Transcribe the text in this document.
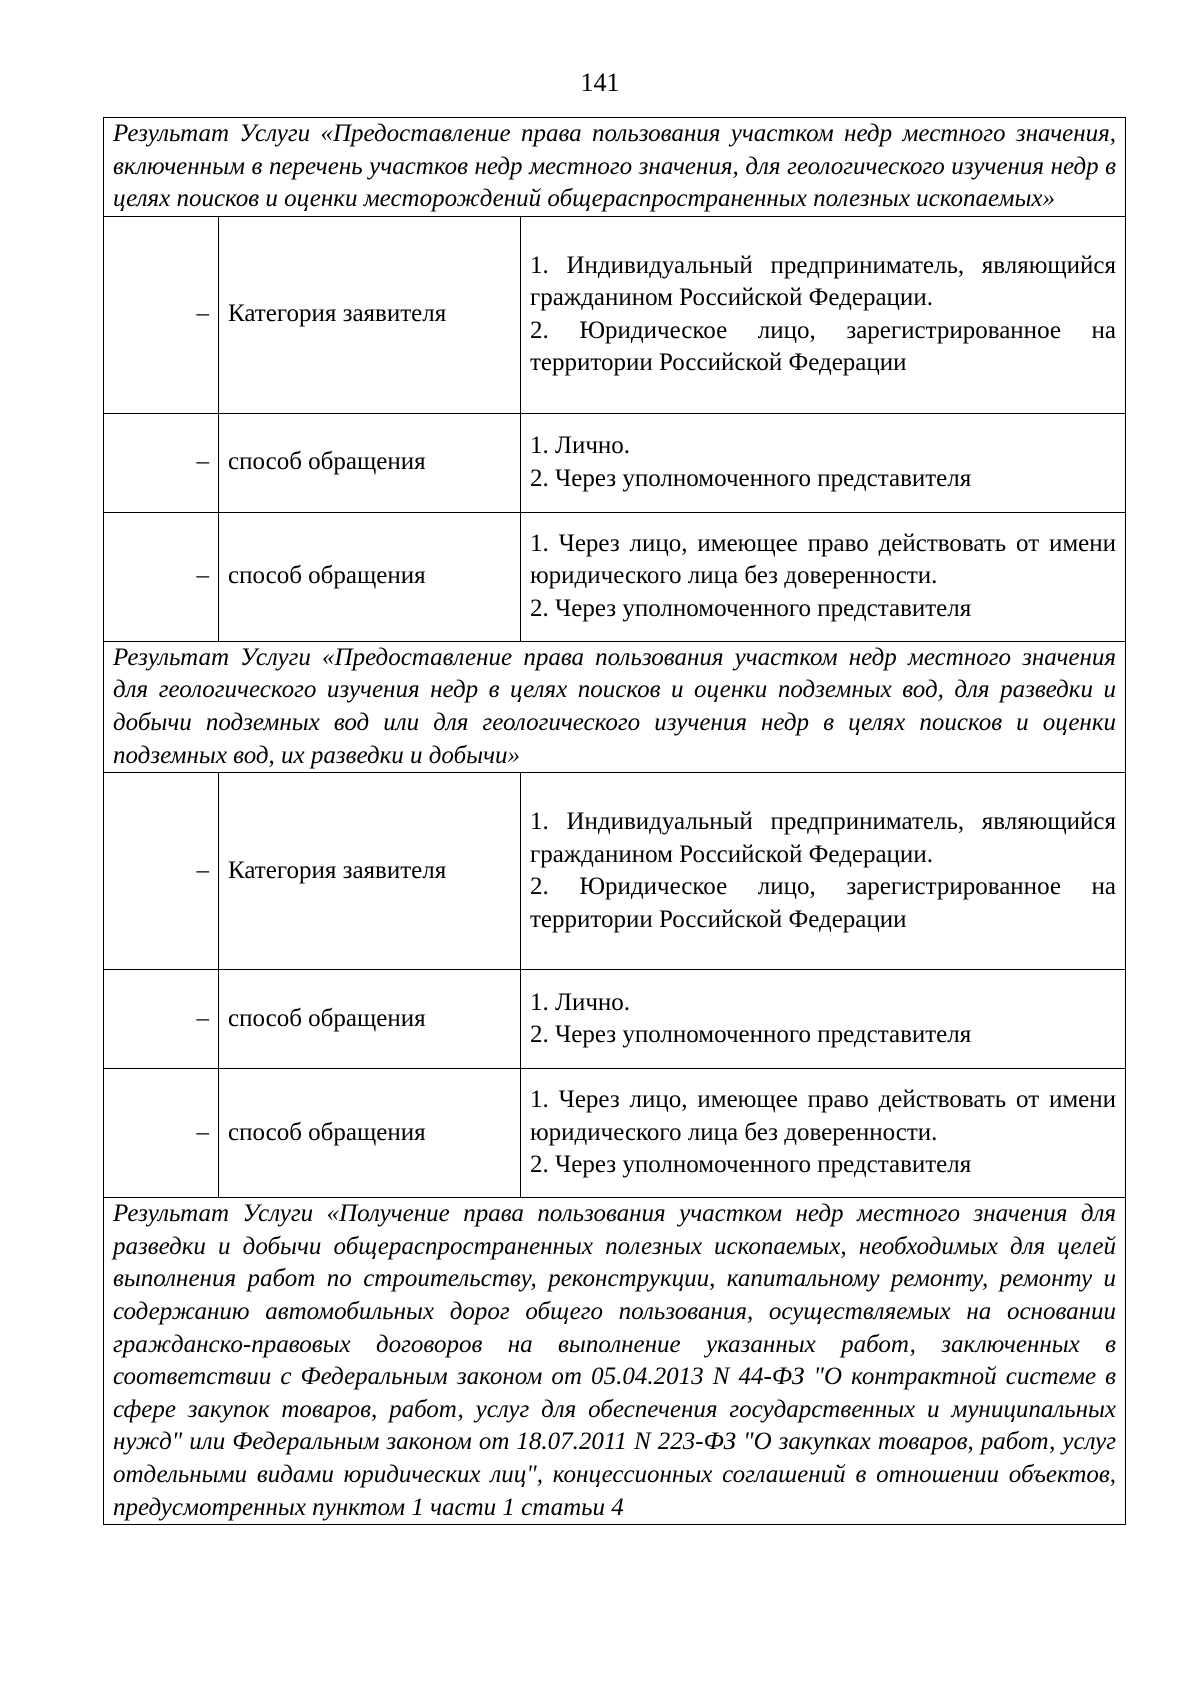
141
Результат Услуги «Предоставление права пользования участком недр местного значения, включенным в перечень участков недр местного значения, для геологического изучения недр в целях поисков и оценки месторождений общераспространенных полезных ископаемых»		
–	Категория заявителя	1. Индивидуальный предприниматель, являющийся гражданином Российской Федерации.
2. Юридическое лицо, зарегистрированное на территории Российской Федерации

–	способ обращения	1. Лично.
2. Через уполномоченного представителя

–	способ обращения	1. Через лицо, имеющее право действовать от имени юридического лица без доверенности.
2. Через уполномоченного представителя

Результат Услуги «Предоставление права пользования участком недр местного значения для геологического изучения недр в целях поисков и оценки подземных вод, для разведки и добычи подземных вод или для геологического изучения недр в целях поисков и оценки подземных вод, их разведки и добычи»		
–	Категория заявителя	1. Индивидуальный предприниматель, являющийся гражданином Российской Федерации.
2. Юридическое лицо, зарегистрированное на территории Российской Федерации

–	способ обращения	1. Лично.
2. Через уполномоченного представителя

–	способ обращения	1. Через лицо, имеющее право действовать от имени юридического лица без доверенности.
2. Через уполномоченного представителя

Результат Услуги «Получение права пользования участком недр местного значения для разведки и добычи общераспространенных полезных ископаемых, необходимых для целей выполнения работ по строительству, реконструкции, капитальному ремонту, ремонту и содержанию автомобильных дорог общего пользования, осуществляемых на основании гражданско-правовых договоров на выполнение указанных работ, заключенных в соответствии с Федеральным законом от 05.04.2013 N 44-ФЗ "О контрактной системе в сфере закупок товаров, работ, услуг для обеспечения государственных и муниципальных нужд" или Федеральным законом от 18.07.2011 N 223-ФЗ "О закупках товаров, работ, услуг отдельными видами юридических лиц", концессионных соглашений в отношении объектов, предусмотренных пунктом 1 части 1 статьи 4		
